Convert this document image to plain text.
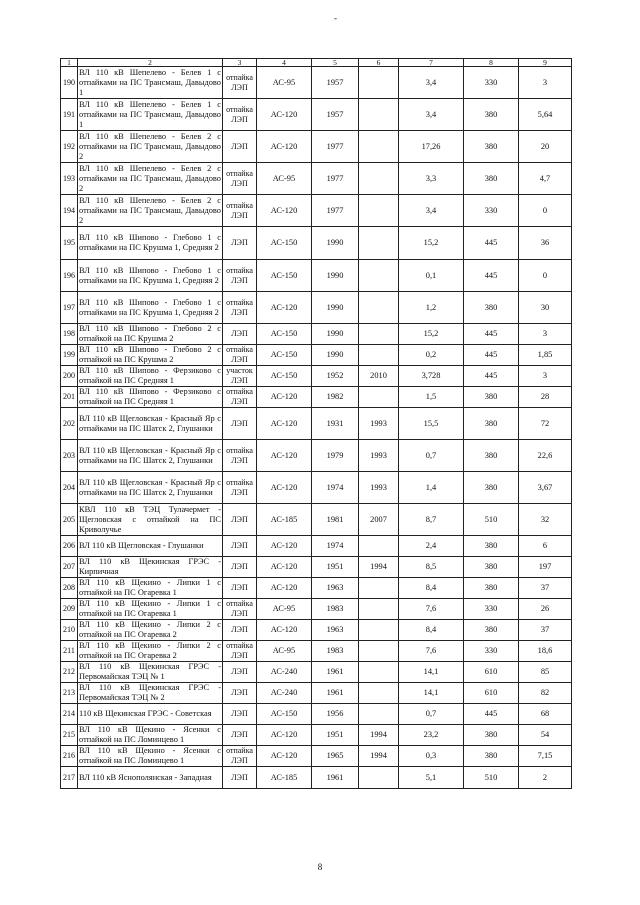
-
1	2	3	4	5	6	7	8	9
190	ВЛ 110 кВ Шепелево - Белев 1 с отпайками на ПС Трансмаш, Давыдово 1	отпайка ЛЭП	АС-95	1957		3,4	330	3
191	ВЛ 110 кВ Шепелево - Белев 1 с отпайками на ПС Трансмаш, Давыдово 1	отпайка ЛЭП	АС-120	1957		3,4	380	5,64
192	ВЛ 110 кВ Шепелево - Белев 2 с отпайками на ПС Трансмаш, Давыдово 2	ЛЭП	АС-120	1977		17,26	380	20
193	ВЛ 110 кВ Шепелево - Белев 2 с отпайками на ПС Трансмаш, Давыдово 2	отпайка ЛЭП	АС-95	1977		3,3	380	4,7
194	ВЛ 110 кВ Шепелево - Белев 2 с отпайками на ПС Трансмаш, Давыдово 2	отпайка ЛЭП	АС-120	1977		3,4	330	0
195	ВЛ 110 кВ Шипово - Глебово 1 с отпайками на ПС Крушма 1, Средняя 2	ЛЭП	АС-150	1990		15,2	445	36
196	ВЛ 110 кВ Шипово - Глебово 1 с отпайками на ПС Крушма 1, Средняя 2	отпайка ЛЭП	АС-150	1990		0,1	445	0
197	ВЛ 110 кВ Шипово - Глебово 1 с отпайками на ПС Крушма 1, Средняя 2	отпайка ЛЭП	АС-120	1990		1,2	380	30
198	ВЛ 110 кВ Шипово - Глебово 2 с отпайкой на ПС Крушма 2	ЛЭП	АС-150	1990		15,2	445	3
199	ВЛ 110 кВ Шипово - Глебово 2 с отпайкой на ПС Крушма 2	отпайка ЛЭП	АС-150	1990		0,2	445	1,85
200	ВЛ 110 кВ Шипово - Ферзиково с отпайкой на ПС Средняя 1	участок ЛЭП	АС-150	1952	2010	3,728	445	3
201	ВЛ 110 кВ Шипово - Ферзиково с отпайкой на ПС Средняя 1	отпайка ЛЭП	АС-120	1982		1,5	380	28
202	ВЛ 110 кВ Щегловская - Красный Яр с отпайками на ПС Шатск 2, Глушанки	ЛЭП	АС-120	1931	1993	15,5	380	72
203	ВЛ 110 кВ Щегловская - Красный Яр с отпайками на ПС Шатск 2, Глушанки	отпайка ЛЭП	АС-120	1979	1993	0,7	380	22,6
204	ВЛ 110 кВ Щегловская - Красный Яр с отпайками на ПС Шатск 2, Глушанки	отпайка ЛЭП	АС-120	1974	1993	1,4	380	3,67
205	КВЛ 110 кВ ТЭЦ Тулачермет - Щегловская с отпайкой на ПС Криволучье	ЛЭП	АС-185	1981	2007	8,7	510	32
206	ВЛ 110 кВ Щегловская - Глушанки	ЛЭП	АС-120	1974		2,4	380	6
207	ВЛ 110 кВ Щекинская ГРЭС - Кирпичная	ЛЭП	АС-120	1951	1994	8,5	380	197
208	ВЛ 110 кВ Щекино - Липки 1 с отпайкой на ПС Огаревка 1	ЛЭП	АС-120	1963		8,4	380	37
209	ВЛ 110 кВ Щекино - Липки 1 с отпайкой на ПС Огаревка 1	отпайка ЛЭП	АС-95	1983		7,6	330	26
210	ВЛ 110 кВ Щекино - Липки 2 с отпайкой на ПС Огаревка 2	ЛЭП	АС-120	1963		8,4	380	37
211	ВЛ 110 кВ Щекино - Липки 2 с отпайкой на ПС Огаревка 2	отпайка ЛЭП	АС-95	1983		7,6	330	18,6
212	ВЛ 110 кВ Щекинская ГРЭС - Первомайская ТЭЦ № 1	ЛЭП	АС-240	1961		14,1	610	85
213	ВЛ 110 кВ Щекинская ГРЭС - Первомайская ТЭЦ № 2	ЛЭП	АС-240	1961		14,1	610	82
214	110 кВ Щекинская ГРЭС - Советская	ЛЭП	АС-150	1956		0,7	445	68
215	ВЛ 110 кВ Щекино - Ясенки с отпайкой на ПС Ломинцево 1	ЛЭП	АС-120	1951	1994	23,2	380	54
216	ВЛ 110 кВ Щекино - Ясенки с отпайкой на ПС Ломинцево 1	отпайка ЛЭП	АС-120	1965	1994	0,3	380	7,15
217	ВЛ 110 кВ Яснополянская - Западная	ЛЭП	АС-185	1961		5,1	510	2
8
